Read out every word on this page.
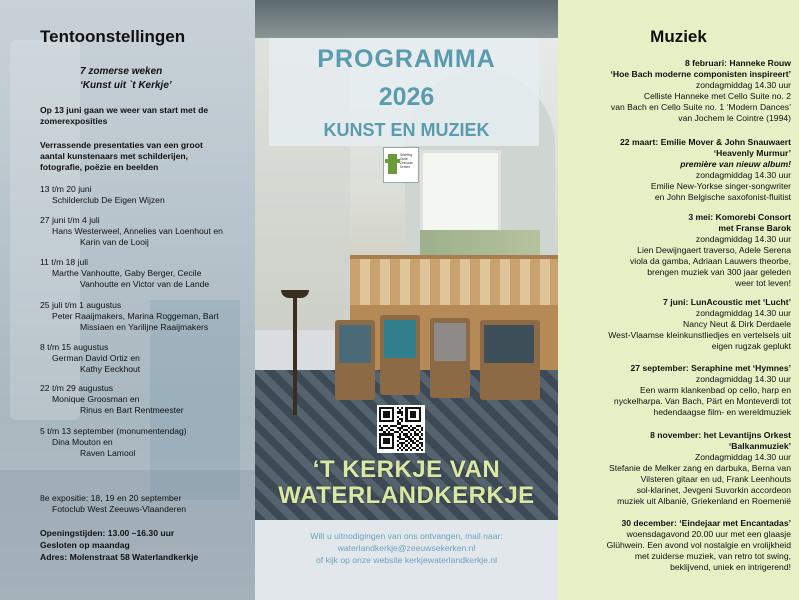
Tentoonstellingen
7 zomerse weken
‘Kunst uit `t Kerkje’
Op 13 juni gaan we weer van start met de
zomerexposities
Verrassende presentaties van een groot
aantal kunstenaars met schilderijen,
fotografie, poëzie en beelden
13 t/m 20 juni
Schilderclub De Eigen Wijzen
27 juni t/m 4 juli
Hans Westerweel, Annelies van Loenhout en
Karin van de Looij
11 t/m 18 juli
Marthe Vanhoutte, Gaby Berger, Cecile
Vanhoutte en Victor van de Lande
25 juli t/m 1 augustus
Peter Raaijmakers, Marina Roggeman, Bart
Missiaen en Yarilijne Raaijmakers
8 t/m 15 augustus
German David Ortiz en
Kathy Eeckhout
22 t/m 29 augustus
Monique Groosman en
Rinus en Bart Rentmeester
5 t/m 13 september (monumentendag)
Dina Mouton en
Raven Lamool
8e expositie: 18, 19 en 20 september
Fotoclub West Zeeuws-Vlaanderen
Openingstijden: 13.00 –16.30 uur
Gesloten op maandag
Adres: Molenstraat 58 Waterlandkerkje
PROGRAMMA
2026
KUNST EN MUZIEK
Stichting Oude Zeeuwse Kerken
‘T KERKJE VAN
WATERLANDKERKJE
Wilt u uitnodigingen van ons ontvangen, mail naar:
waterlandkerkje@zeeuwsekerken.nl
of kijk op onze website kerkjewaterlandkerkje.nl
Muziek
8 februari: Hanneke Rouw
‘Hoe Bach moderne componisten inspireert’
zondagmiddag 14.30 uur
Celliste Hanneke met Cello Suite no. 2
van Bach en Cello Suite no. 1 ‘Modern Dances’
van Jochem le Cointre (1994)
22 maart: Emilie Mover & John Snauwaert
‘Heavenly Murmur’
première van nieuw album!
zondagmiddag 14.30 uur
Emilie New-Yorkse singer-songwriter
en John Belgische saxofonist-fluitist
3 mei: Komorebi Consort
met Franse Barok
zondagmiddag 14.30 uur
Lien Dewijngaert traverso, Adele Serena
viola da gamba, Adriaan Lauwers theorbe,
brengen muziek van 300 jaar geleden
weer tot leven!
7 juni: LunAcoustic met ‘Lucht’
zondagmiddag 14.30 uur
Nancy Neut & Dirk Derdaele
West-Vlaamse kleinkunstliedjes en vertelsels uit
eigen rugzak geplukt
27 september: Seraphine met ‘Hymnes’
zondagmiddag 14.30 uur
Een warm klankenbad op cello, harp en
nyckelharpa. Van Bach, Pärt en Monteverdi tot
hedendaagse film- en wereldmuziek
8 november: het Levantijns Orkest
‘Balkanmuziek’
Zondagmiddag 14.30 uur
Stefanie de Melker zang en darbuka, Berna van
Vilsteren gitaar en ud, Frank Leenhouts
sol-klarinet, Jevgeni Suvorkin accordeon
muziek uit Albanië, Griekenland en Roemenië
30 december: ‘Eindejaar met Encantadas’
woensdagavond 20.00 uur met een glaasje
Glühwein. Een avond vol nostalgie en vrolijkheid
met zuiderse muziek, van retro tot swing,
beklijvend, uniek en intrigerend!
